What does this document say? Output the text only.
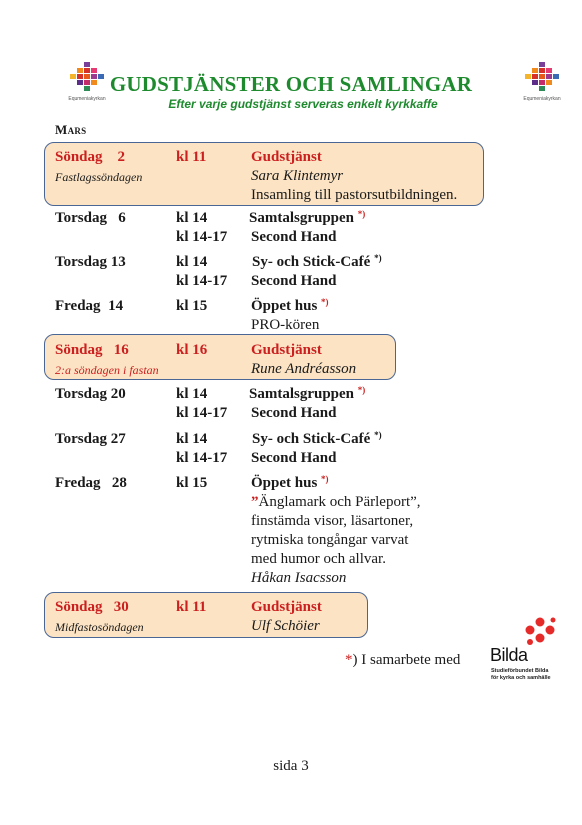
Equmeniakyrkan	Equmeniakyrkan
GUDSTJÄNSTER OCH SAMLINGAR
Efter varje gudstjänst serveras enkelt kyrkkaffe
Mars
Söndag 2	kl 11	Gudstjänst
Fastlagssöndagen	Sara Klintemyr
Insamling till pastorsutbildningen.
Torsdag 6	kl 14	Samtalsgruppen *)
kl 14-17 Second Hand
Torsdag 13	kl 14	Sy- och Stick-Café *)
kl 14-17 Second Hand
Fredag 14	kl 15	Öppet hus *)
PRO-kören
Söndag 16	kl 16	Gudstjänst
2:a söndagen i fastan	Rune Andréasson
Torsdag 20	kl 14	Samtalsgruppen *)
kl 14-17 Second Hand
Torsdag 27	kl 14	Sy- och Stick-Café *)
kl 14-17 Second Hand
Fredag 28	kl 15	Öppet hus *)
”Änglamark och Pärleport”,
finstämda visor, läsartoner,
rytmiska tongångar varvat
med humor och allvar.
Håkan Isacsson
Söndag 30	kl 11	Gudstjänst
Midfastosöndagen	Ulf Schöier
*) I samarbete med Bilda
Studieförbundet Bilda
för kyrka och samhälle
sida 3
